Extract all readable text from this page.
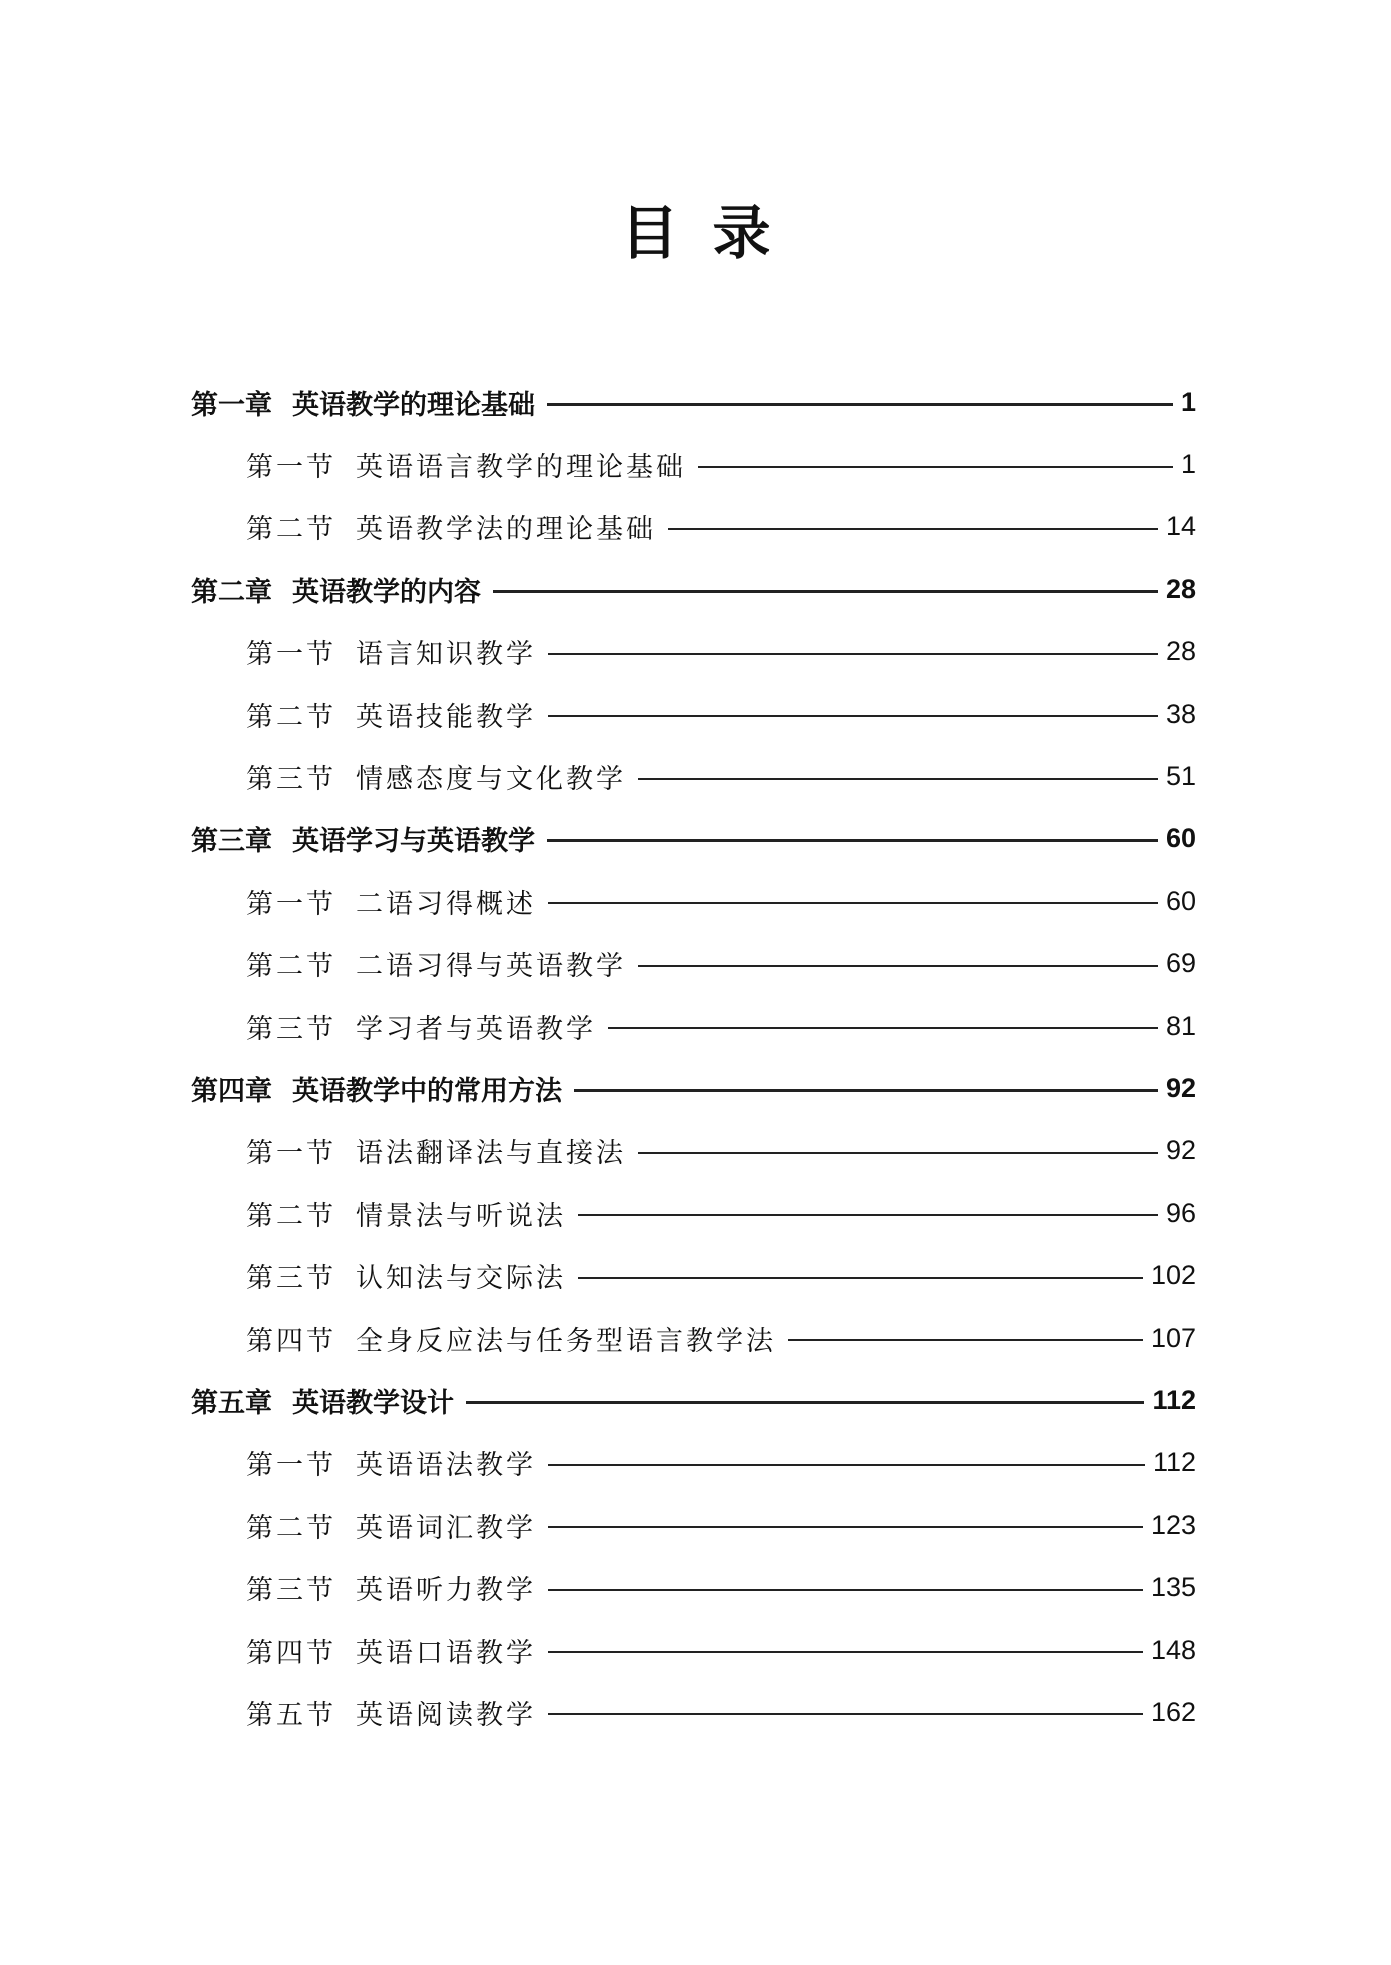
目录
第一章 英语教学的理论基础	1
第一节 英语语言教学的理论基础	1
第二节 英语教学法的理论基础	14
第二章 英语教学的内容	28
第一节 语言知识教学	28
第二节 英语技能教学	38
第三节 情感态度与文化教学	51
第三章 英语学习与英语教学	60
第一节 二语习得概述	60
第二节 二语习得与英语教学	69
第三节 学习者与英语教学	81
第四章 英语教学中的常用方法	92
第一节 语法翻译法与直接法	92
第二节 情景法与听说法	96
第三节 认知法与交际法	102
第四节 全身反应法与任务型语言教学法	107
第五章 英语教学设计	112
第一节 英语语法教学	112
第二节 英语词汇教学	123
第三节 英语听力教学	135
第四节 英语口语教学	148
第五节 英语阅读教学	162
